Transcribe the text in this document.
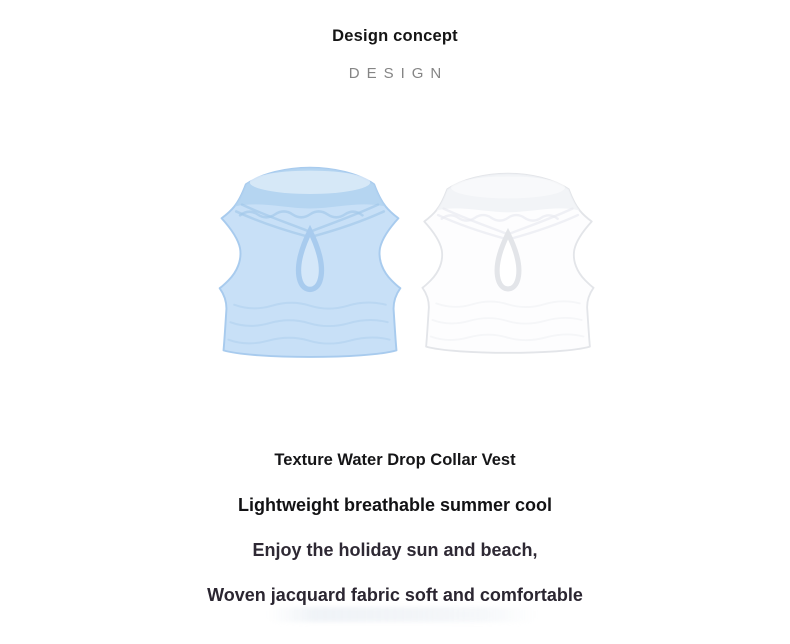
Design concept
DESIGN
Texture Water Drop Collar Vest
Lightweight breathable summer cool
Enjoy the holiday sun and beach,
Woven jacquard fabric soft and comfortable
